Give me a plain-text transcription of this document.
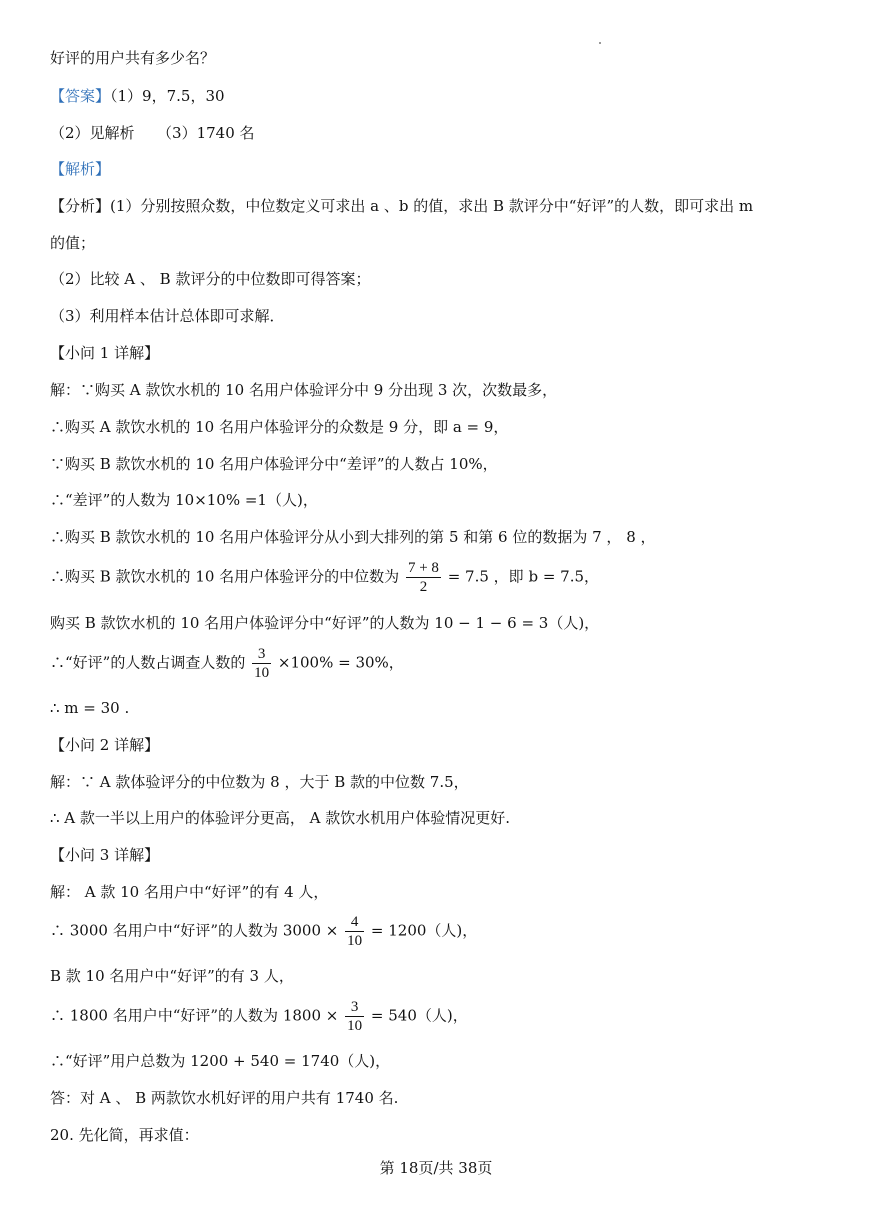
好评的用户共有多少名？
【答案】（1）9，7.5，30
（2）见解析　　（3）1740 名
【解析】
【分析】(1）分别按照众数，中位数定义可求出 a 、b 的值，求出 B 款评分中“好评”的人数，即可求出 m
的值；
（2）比较 A 、 B 款评分的中位数即可得答案；
（3）利用样本估计总体即可求解．
【小问 1 详解】
解：∵购买 A 款饮水机的 10 名用户体验评分中 9 分出现 3 次，次数最多，
∴购买 A 款饮水机的 10 名用户体验评分的众数是 9 分，即 a = 9，
∵购买 B 款饮水机的 10 名用户体验评分中“差评”的人数占 10%，
∴“差评”的人数为 10×10% =1（人)，
∴购买 B 款饮水机的 10 名用户体验评分从小到大排列的第 5 和第 6 位的数据为 7 ， 8 ，
∴购买 B 款饮水机的 10 名用户体验评分的中位数为 $\frac{7 + 8}{2} = 7.5$ ，即 b = 7.5，
购买 B 款饮水机的 10 名用户体验评分中“好评”的人数为 10 − 1 − 6 = 3（人)，
∴“好评”的人数占调查人数的 $\frac{3}{10} \times 100\% = 30\%$，
∴ m = 30 .
【小问 2 详解】
解：∵ A 款体验评分的中位数为 8 ，大于 B 款的中位数 7.5，
∴ A 款一半以上用户的体验评分更高， A 款饮水机用户体验情况更好.
【小问 3 详解】
解： A 款 10 名用户中“好评”的有 4 人，
∴ 3000 名用户中“好评”的人数为 $3000 \times \frac{4}{10} = 1200$（人)，
B 款 10 名用户中“好评”的有 3 人，
∴ 1800 名用户中“好评”的人数为 $1800 \times \frac{3}{10} = 540$（人)，
∴“好评”用户总数为 1200 + 540 = 1740（人)，
答：对 A 、 B 两款饮水机好评的用户共有 1740 名.
20. 先化简，再求值：
第 18页/共 38页
